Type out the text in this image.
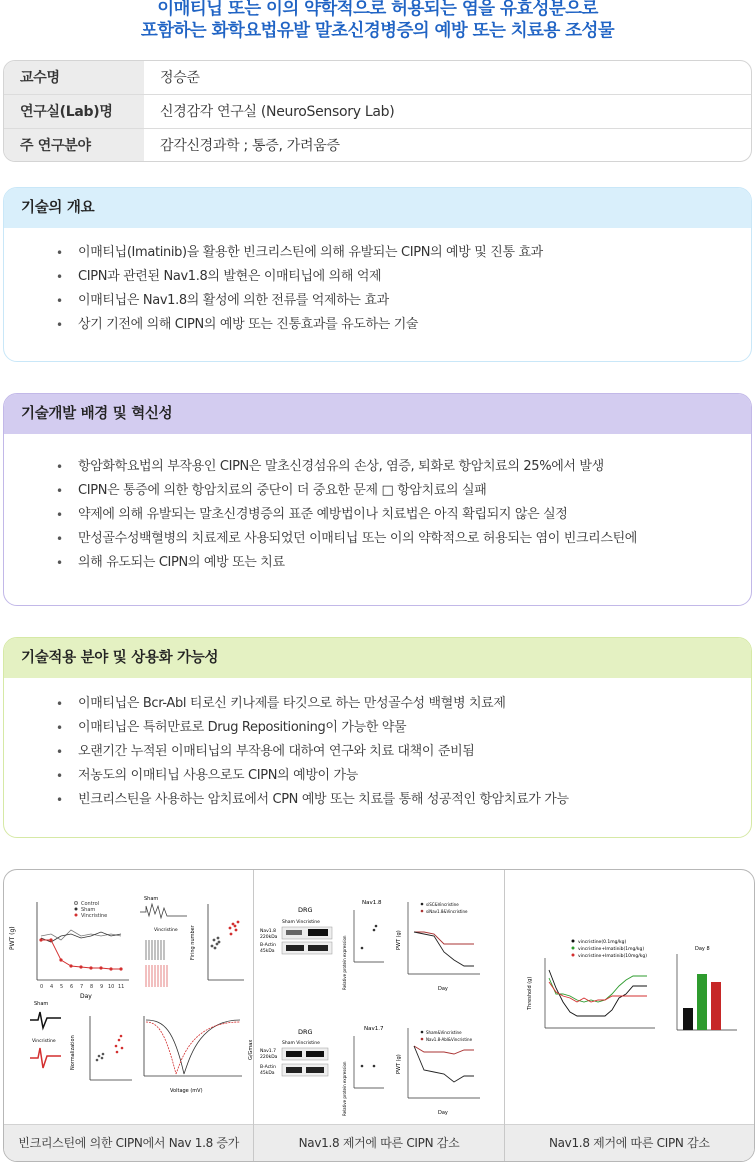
이매티닙 또는 이의 약학적으로 허용되는 염을 유효성분으로
포함하는 화학요법유발 말초신경병증의 예방 또는 치료용 조성물
교수명	정승준
연구실(Lab)명	신경감각 연구실 (NeuroSensory Lab)
주 연구분야	감각신경과학 ; 통증, 가려움증
기술의 개요
• 이매티닙(Imatinib)을 활용한 빈크리스틴에 의해 유발되는 CIPN의 예방 및 진통 효과
• CIPN과 관련된 Nav1.8의 발현은 이매티닙에 의해 억제
• 이매티닙은 Nav1.8의 활성에 의한 전류를 억제하는 효과
• 상기 기전에 의해 CIPN의 예방 또는 진통효과를 유도하는 기술
기술개발 배경 및 혁신성
• 항암화학요법의 부작용인 CIPN은 말초신경섬유의 손상, 염증, 퇴화로 항암치료의 25%에서 발생
• CIPN은 통증에 의한 항암치료의 중단이 더 중요한 문제 □ 항암치료의 실패
• 약제에 의해 유발되는 말초신경병증의 표준 예방법이나 치료법은 아직 확립되지 않은 실정
• 만성골수성백혈병의 치료제로 사용되었던 이매티닙 또는 이의 약학적으로 허용되는 염이 빈크리스틴에
• 의해 유도되는 CIPN의 예방 또는 치료
기술적용 분야 및 상용화 가능성
• 이매티닙은 Bcr-Abl 티로신 키나제를 타깃으로 하는 만성골수성 백혈병 치료제
• 이매티닙은 특허만료로 Drug Repositioning이 가능한 약물
• 오랜기간 누적된 이매티닙의 부작용에 대하여 연구와 치료 대책이 준비됨
• 저농도의 이매티닙 사용으로도 CIPN의 예방이 가능
• 빈크리스틴을 사용하는 암치료에서 CPN 예방 또는 치료를 통해 성공적인 항암치료가 가능
PWT (g)
Day
0 4 5 6 7 8 9 10 11
Control
Sham
Vincristine
Sham
Vincristine Firing number
Sham
Vincristine	Normalization
Voltage (mV)
G/Gmax
빈크리스틴에 의한 CIPN에서 Nav 1.8 증가
DRG
Sham Vincristine
Nav1.8
220kDa
B-Actin
45kDa
Nav1.8
Relative protein expression	PWT (g)
siSC&Vincristine
siNav1.8&Vincristine
Day
DRG
Sham Vincristine
Nav1.7
220kDa
B-Actin
45kDa
Nav1.7
Relative protein expression	PWT (g)
Sham&Vincristine
Nav1.8-Abl&Vincristine
Day
Nav1.8 제거에 따른 CIPN 감소
vincristine(0.1mg/kg)
vincristine+Imatinib(1mg/kg)
vincristine+Imatinib(10mg/kg)
Threshold (g)
Day 8
Nav1.8 제거에 따른 CIPN 감소
